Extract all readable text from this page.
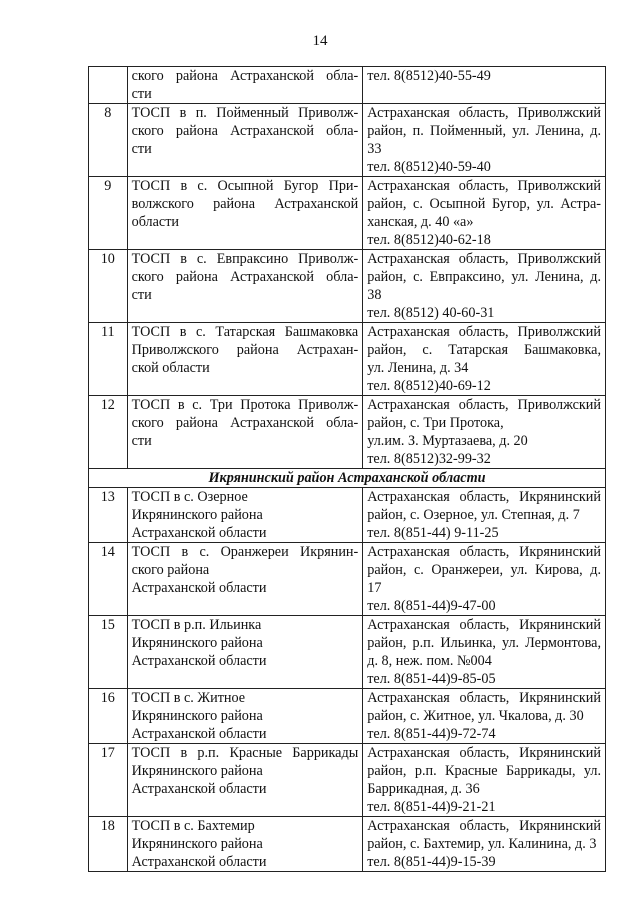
14

	ского района Астраханской обла-
сти	тел. 8(8512)40-55-49

8	ТОСП в п. Пойменный Приволж-
ского района Астраханской обла-
сти	Астраханская область, Приволжский
район, п. Пойменный, ул. Ленина, д.
33
тел. 8(8512)40-59-40

9	ТОСП в с. Осыпной Бугор При-
волжского района Астраханской
области	Астраханская область, Приволжский
район, с. Осыпной Бугор, ул. Астра-
ханская, д. 40 «а»
тел. 8(8512)40-62-18

10	ТОСП в с. Евпраксино Приволж-
ского района Астраханской обла-
сти	Астраханская область, Приволжский
район, с. Евпраксино, ул. Ленина, д.
38
тел. 8(8512) 40-60-31

11	ТОСП в с. Татарская Башмаковка
Приволжского района Астрахан-
ской области	Астраханская область, Приволжский
район, с. Татарская Башмаковка,
ул. Ленина, д. 34
тел. 8(8512)40-69-12

12	ТОСП в с. Три Протока Приволж-
ского района Астраханской обла-
сти	Астраханская область, Приволжский
район, с. Три Протока,
ул.им. З. Муртазаева, д. 20
тел. 8(8512)32-99-32

Икрянинский район Астраханской области		
13	ТОСП в с. Озерное
Икрянинского района
Астраханской области	Астраханская область, Икрянинский
район, с. Озерное, ул. Степная, д. 7
тел. 8(851-44) 9-11-25

14	ТОСП в с. Оранжереи Икрянин-
ского района
Астраханской области	Астраханская область, Икрянинский
район, с. Оранжереи, ул. Кирова, д.
17
тел. 8(851-44)9-47-00

15	ТОСП в р.п. Ильинка
Икрянинского района
Астраханской области	Астраханская область, Икрянинский
район, р.п. Ильинка, ул. Лермонтова,
д. 8, неж. пом. №004
тел. 8(851-44)9-85-05

16	ТОСП в с. Житное
Икрянинского района
Астраханской области	Астраханская область, Икрянинский
район, с. Житное, ул. Чкалова, д. 30
тел. 8(851-44)9-72-74

17	ТОСП в р.п. Красные Баррикады
Икрянинского района
Астраханской области	Астраханская область, Икрянинский
район, р.п. Красные Баррикады, ул.
Баррикадная, д. 36
тел. 8(851-44)9-21-21

18	ТОСП в с. Бахтемир
Икрянинского района
Астраханской области	Астраханская область, Икрянинский
район, с. Бахтемир, ул. Калинина, д. 3
тел. 8(851-44)9-15-39
